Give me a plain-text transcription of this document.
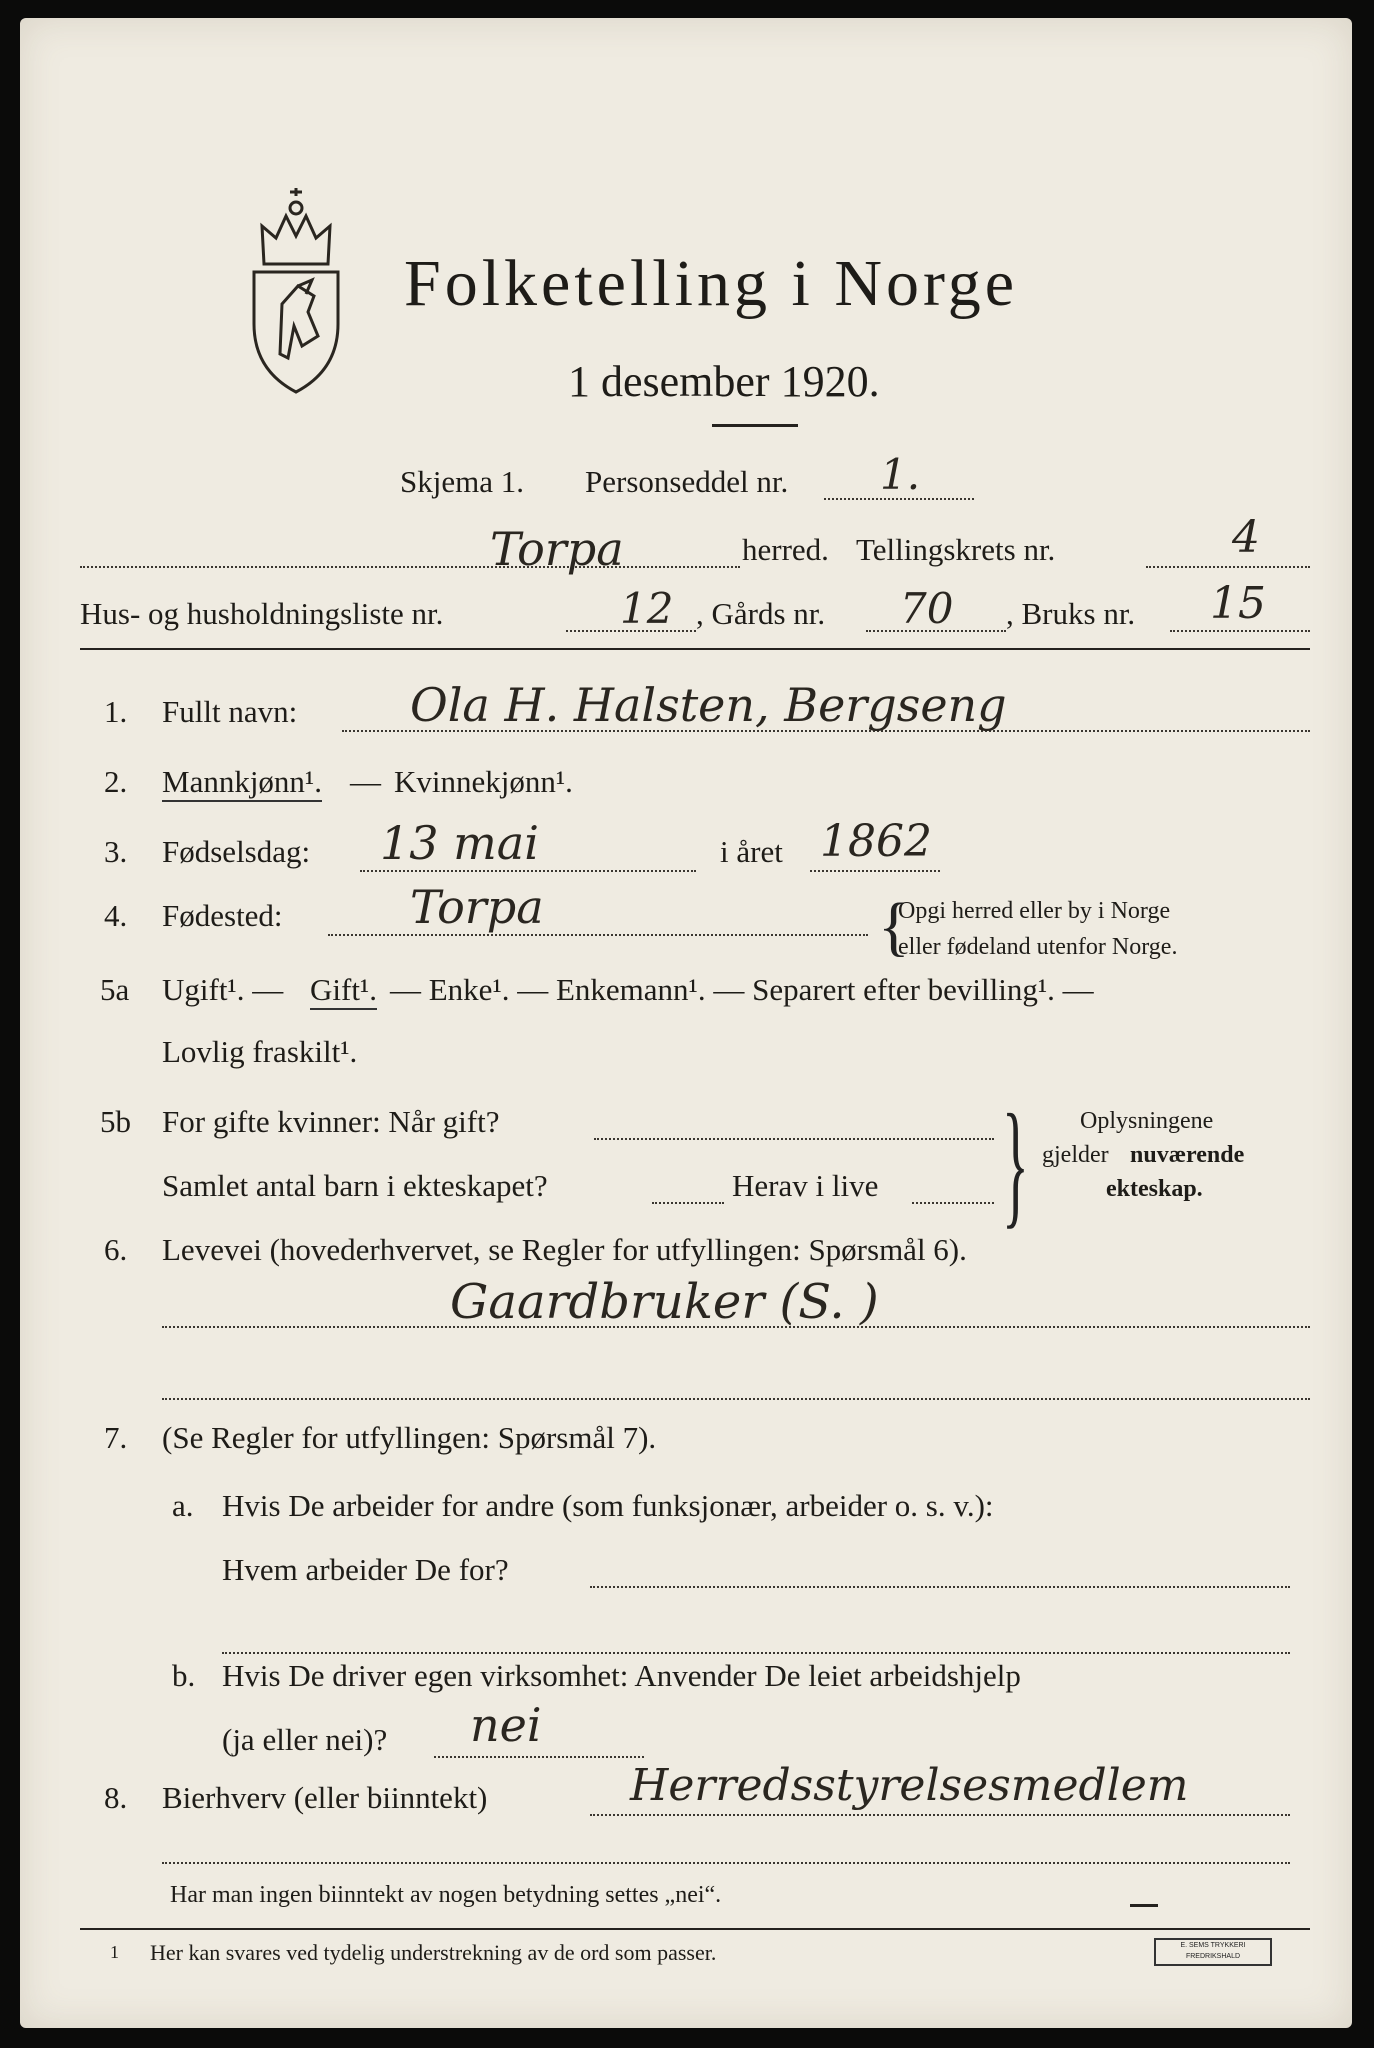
Folketelling i Norge
1 desember 1920.
Skjema 1. Personseddel nr. 1.
Torpa	herred. Tellingskrets nr.	4
Hus- og husholdningsliste nr.	12 , Gårds nr. 70 , Bruks nr. 15
1. Fullt navn: Ola H. Halsten, Bergseng
2. Mannkjønn¹. — Kvinnekjønn¹.
3. Fødselsdag: 13 mai	i året 1862
4. Fødested:	Torpa	{
Opgi herred eller by i Norge
eller fødeland utenfor Norge.
5a Ugift¹. — Gift¹. — Enke¹. — Enkemann¹. — Separert efter bevilling¹. —
Lovlig fraskilt¹.
5b For gifte kvinner: Når gift?
Samlet antal barn i ekteskapet?	Herav i live } Oplysningene
gjelder nuværende
ekteskap.
6. Levevei (hovederhvervet, se Regler for utfyllingen: Spørsmål 6).
Gaardbruker (S. )
7. (Se Regler for utfyllingen: Spørsmål 7).
a. Hvis De arbeider for andre (som funksjonær, arbeider o. s. v.):
Hvem arbeider De for?
b. Hvis De driver egen virksomhet: Anvender De leiet arbeidshjelp
(ja eller nei)? nei
8. Bierhverv (eller biinntekt)	Herredsstyrelsesmedlem
Har man ingen biinntekt av nogen betydning settes „nei“.
1 Her kan svares ved tydelig understrekning av de ord som passer.	E. SEMS TRYKKERI FREDRIKSHALD
